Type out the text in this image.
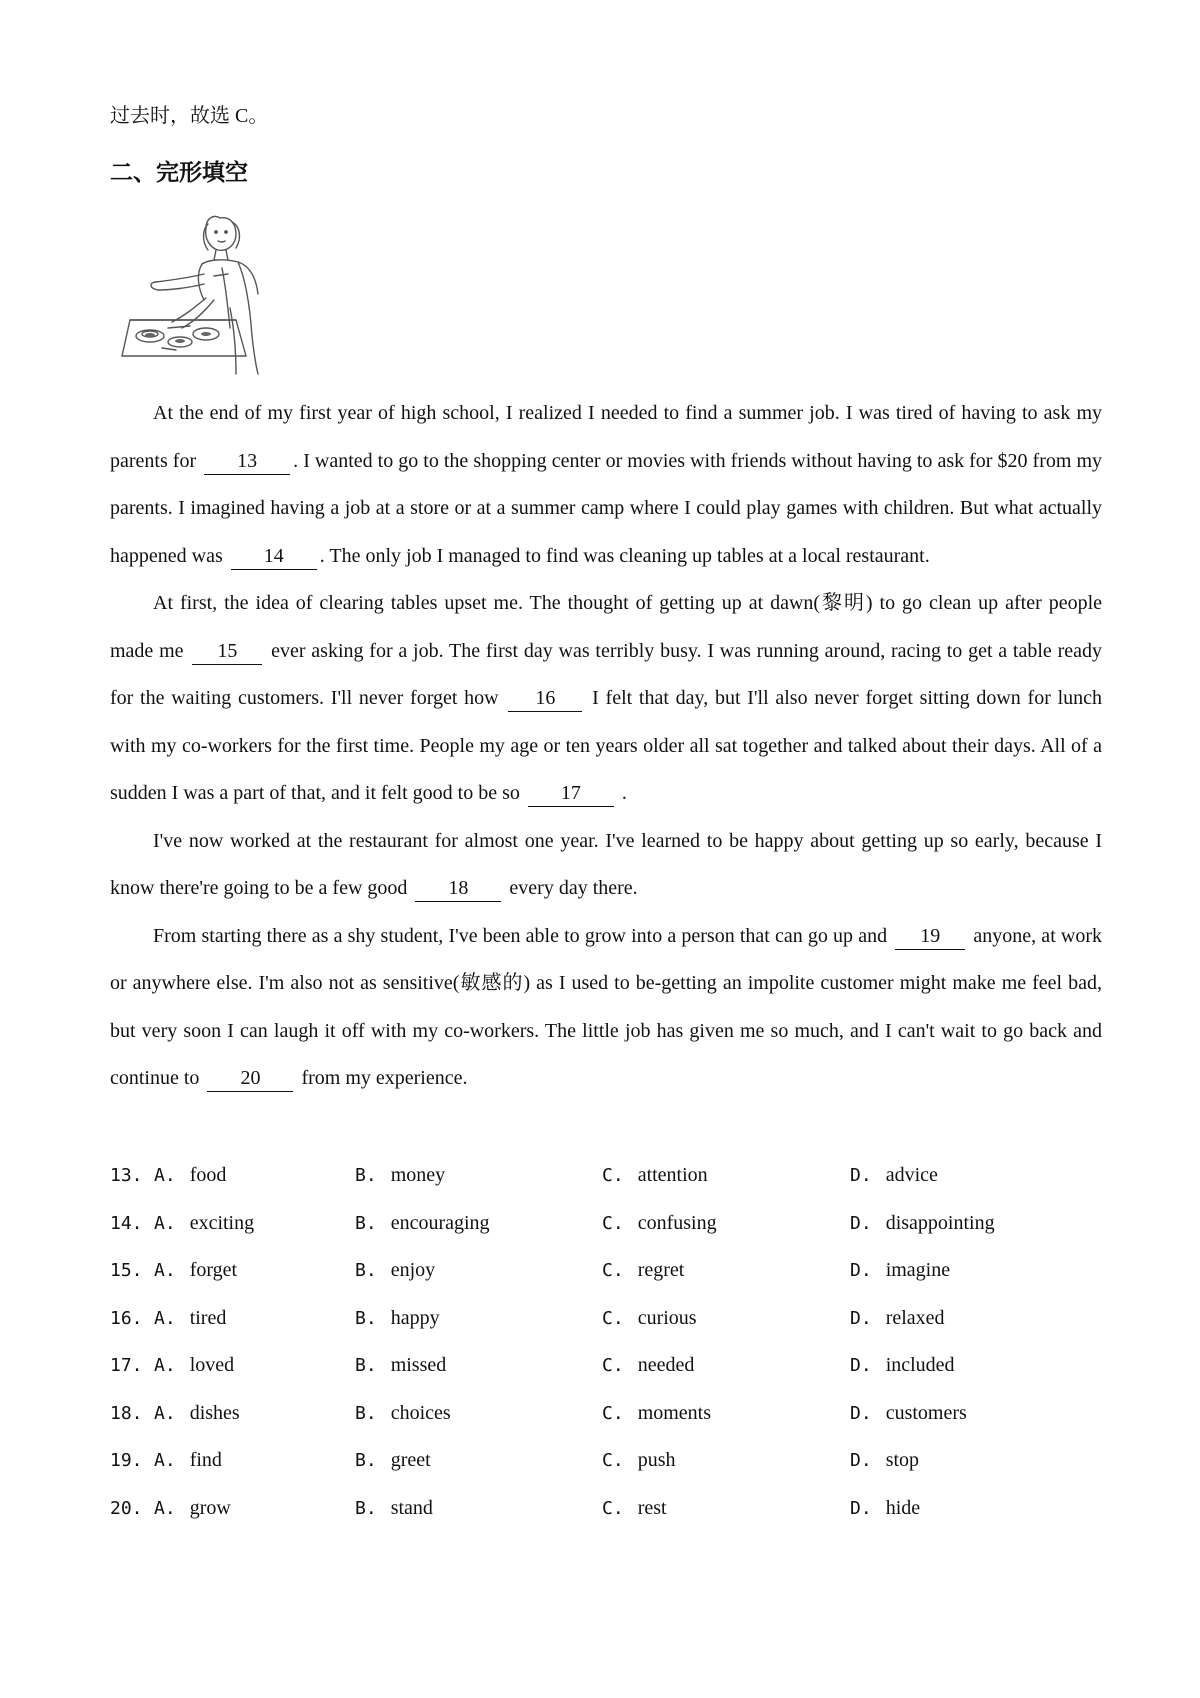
过去时，故选 C。

二、完形填空

At the end of my first year of high school, I realized I needed to find a summer job. I was tired of having to ask my parents for 13 . I wanted to go to the shopping center or movies with friends without having to ask for $20 from my parents. I imagined having a job at a store or at a summer camp where I could play games with children. But what actually happened was 14 . The only job I managed to find was cleaning up tables at a local restaurant.

At first, the idea of clearing tables upset me. The thought of getting up at dawn(黎明) to go clean up after people made me 15 ever asking for a job. The first day was terribly busy. I was running around, racing to get a table ready for the waiting customers. I'll never forget how 16 I felt that day, but I'll also never forget sitting down for lunch with my co-workers for the first time. People my age or ten years older all sat together and talked about their days. All of a sudden I was a part of that, and it felt good to be so 17 .

I've now worked at the restaurant for almost one year. I've learned to be happy about getting up so early, because I know there're going to be a few good 18 every day there.

From starting there as a shy student, I've been able to grow into a person that can go up and 19 anyone, at work or anywhere else. I'm also not as sensitive(敏感的) as I used to be-getting an impolite customer might make me feel bad, but very soon I can laugh it off with my co-workers. The little job has given me so much, and I can't wait to go back and continue to 20 from my experience.

13. A. food	B. money	C. attention	D. advice
14. A. exciting	B. encouraging	C. confusing	D. disappointing
15. A. forget	B. enjoy	C. regret	D. imagine
16. A. tired	B. happy	C. curious	D. relaxed
17. A. loved	B. missed	C. needed	D. included
18. A. dishes	B. choices	C. moments	D. customers
19. A. find	B. greet	C. push	D. stop
20. A. grow	B. stand	C. rest	D. hide
